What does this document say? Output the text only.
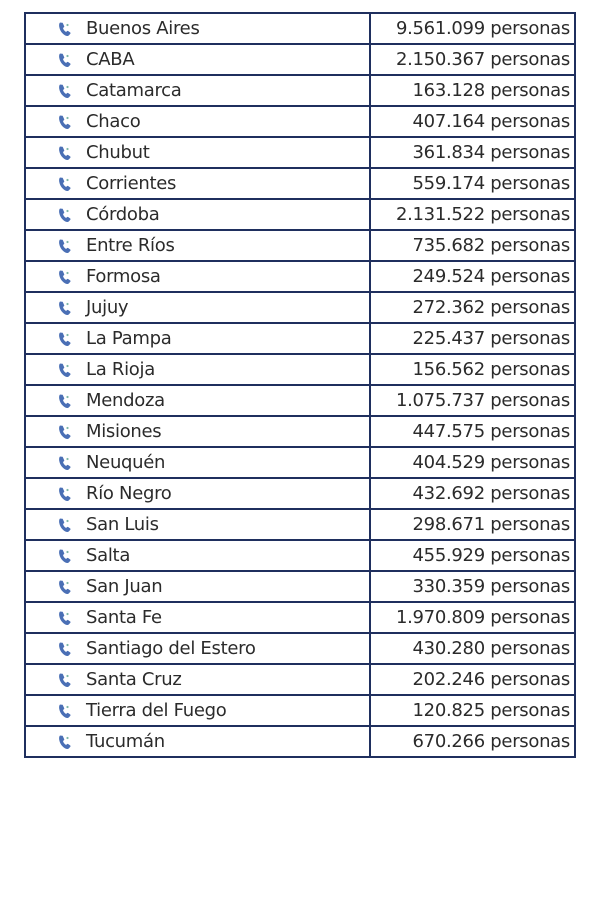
Buenos Aires	9.561.099 personas

CABA	2.150.367 personas

Catamarca	163.128 personas

Chaco	407.164 personas

Chubut	361.834 personas

Corrientes	559.174 personas

Córdoba	2.131.522 personas

Entre Ríos	735.682 personas

Formosa	249.524 personas

Jujuy	272.362 personas

La Pampa	225.437 personas

La Rioja	156.562 personas

Mendoza	1.075.737 personas

Misiones	447.575 personas

Neuquén	404.529 personas

Río Negro	432.692 personas

San Luis	298.671 personas

Salta	455.929 personas

San Juan	330.359 personas

Santa Fe	1.970.809 personas

Santiago del Estero	430.280 personas

Santa Cruz	202.246 personas

Tierra del Fuego	120.825 personas

Tucumán	670.266 personas
